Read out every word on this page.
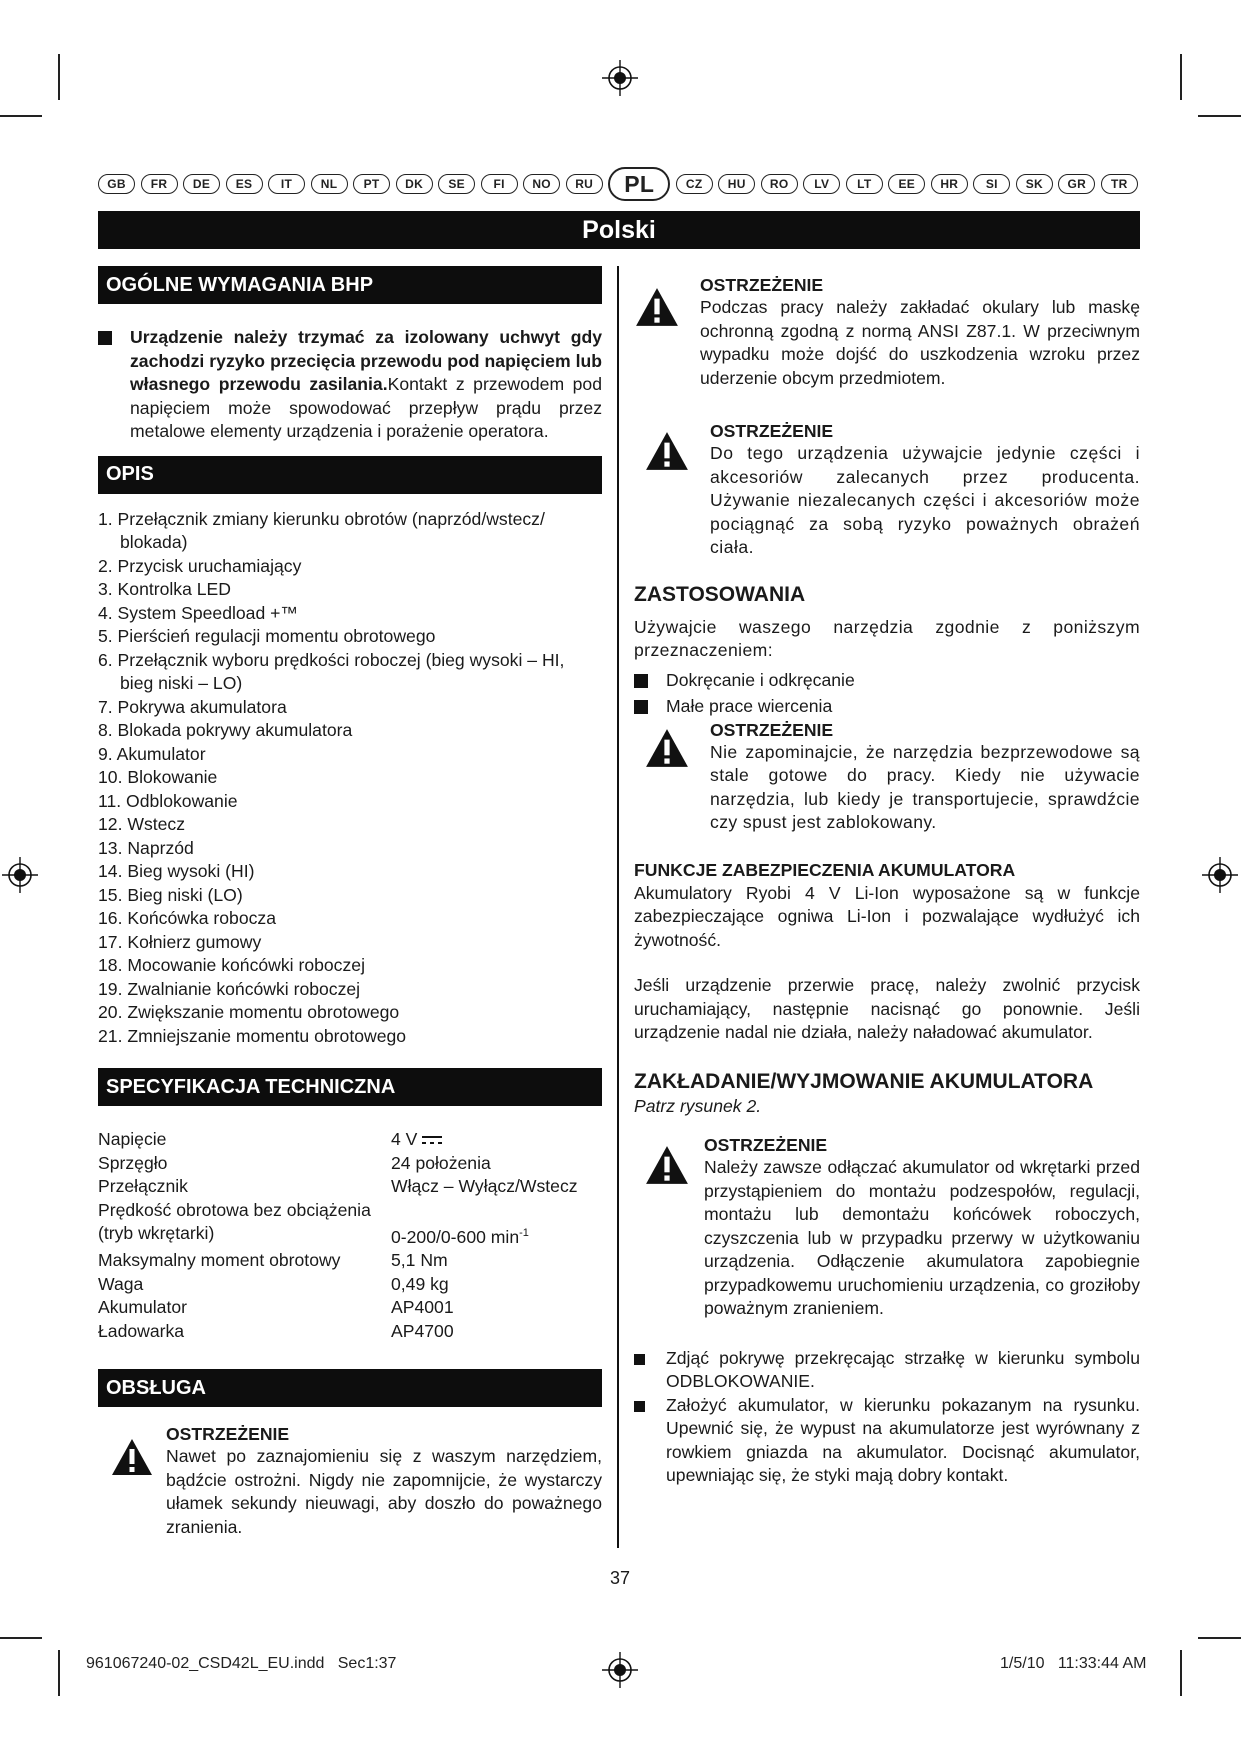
GB	FR	DE	ES	IT	NL	PT	DK	SE	FI	NO	RU	PL	CZ	HU	RO	LV	LT	EE	HR	SI	SK	GR	TR
Polski
OGÓLNE WYMAGANIA BHP
Urządzenie należy trzymać za izolowany uchwyt gdy zachodzi ryzyko przecięcia przewodu pod napięciem lub własnego przewodu zasilania.Kontakt z przewodem pod napięciem może spowodować przepływ prądu przez metalowe elementy urządzenia i porażenie operatora.
OPIS
1. Przełącznik zmiany kierunku obrotów (naprzód/wstecz/ blokada)
2. Przycisk uruchamiający
3. Kontrolka LED
4. System Speedload +™
5. Pierścień regulacji momentu obrotowego
6. Przełącznik wyboru prędkości roboczej (bieg wysoki – HI, bieg niski – LO)
7. Pokrywa akumulatora
8. Blokada pokrywy akumulatora
9. Akumulator
10. Blokowanie
11. Odblokowanie
12. Wstecz
13. Naprzód
14. Bieg wysoki (HI)
15. Bieg niski (LO)
16. Końcówka robocza
17. Kołnierz gumowy
18. Mocowanie końcówki roboczej
19. Zwalnianie końcówki roboczej
20. Zwiększanie momentu obrotowego
21. Zmniejszanie momentu obrotowego
SPECYFIKACJA TECHNICZNA
Napięcie	4 V
Sprzęgło	24 położenia
Przełącznik	Włącz – Wyłącz/Wstecz
Prędkość obrotowa bez obciążenia
(tryb wkrętarki)	0-200/0-600 $\min^{-1}$
Maksymalny moment obrotowy	5,1 Nm
Waga	0,49 kg
Akumulator	AP4001
Ładowarka	AP4700
OBSŁUGA
OSTRZEŻENIE
Nawet po zaznajomieniu się z waszym narzędziem, bądźcie ostrożni. Nigdy nie zapomnijcie, że wystarczy ułamek sekundy nieuwagi, aby doszło do poważnego zranienia.
OSTRZEŻENIE
Podczas pracy należy zakładać okulary lub maskę ochronną zgodną z normą ANSI Z87.1. W przeciwnym wypadku może dojść do uszkodzenia wzroku przez uderzenie obcym przedmiotem.
OSTRZEŻENIE
Do tego urządzenia używajcie jedynie części i akcesoriów zalecanych przez producenta. Używanie niezalecanych części i akcesoriów może pociągnąć za sobą ryzyko poważnych obrażeń ciała.
ZASTOSOWANIA
Używajcie waszego narzędzia zgodnie z poniższym przeznaczeniem:
Dokręcanie i odkręcanie
Małe prace wiercenia
OSTRZEŻENIE
Nie zapominajcie, że narzędzia bezprzewodowe są stale gotowe do pracy. Kiedy nie używacie narzędzia, lub kiedy je transportujecie, sprawdźcie czy spust jest zablokowany.
FUNKCJE ZABEZPIECZENIA AKUMULATORA
Akumulatory Ryobi 4 V Li-Ion wyposażone są w funkcje zabezpieczające ogniwa Li-Ion i pozwalające wydłużyć ich żywotność.
Jeśli urządzenie przerwie pracę, należy zwolnić przycisk uruchamiający, następnie nacisnąć go ponownie. Jeśli urządzenie nadal nie działa, należy naładować akumulator.
ZAKŁADANIE/WYJMOWANIE AKUMULATORA
Patrz rysunek 2.
OSTRZEŻENIE
Należy zawsze odłączać akumulator od wkrętarki przed przystąpieniem do montażu podzespołów, regulacji, montażu lub demontażu końcówek roboczych, czyszczenia lub w przypadku przerwy w użytkowaniu urządzenia. Odłączenie akumulatora zapobiegnie przypadkowemu uruchomieniu urządzenia, co groziłoby poważnym zranieniem.
Zdjąć pokrywę przekręcając strzałkę w kierunku symbolu ODBLOKOWANIE.
Założyć akumulator, w kierunku pokazanym na rysunku. Upewnić się, że wypust na akumulatorze jest wyrównany z rowkiem gniazda na akumulator. Docisnąć akumulator, upewniając się, że styki mają dobry kontakt.
37
961067240-02_CSD42L_EU.indd   Sec1:37	1/5/10   11:33:44 AM
